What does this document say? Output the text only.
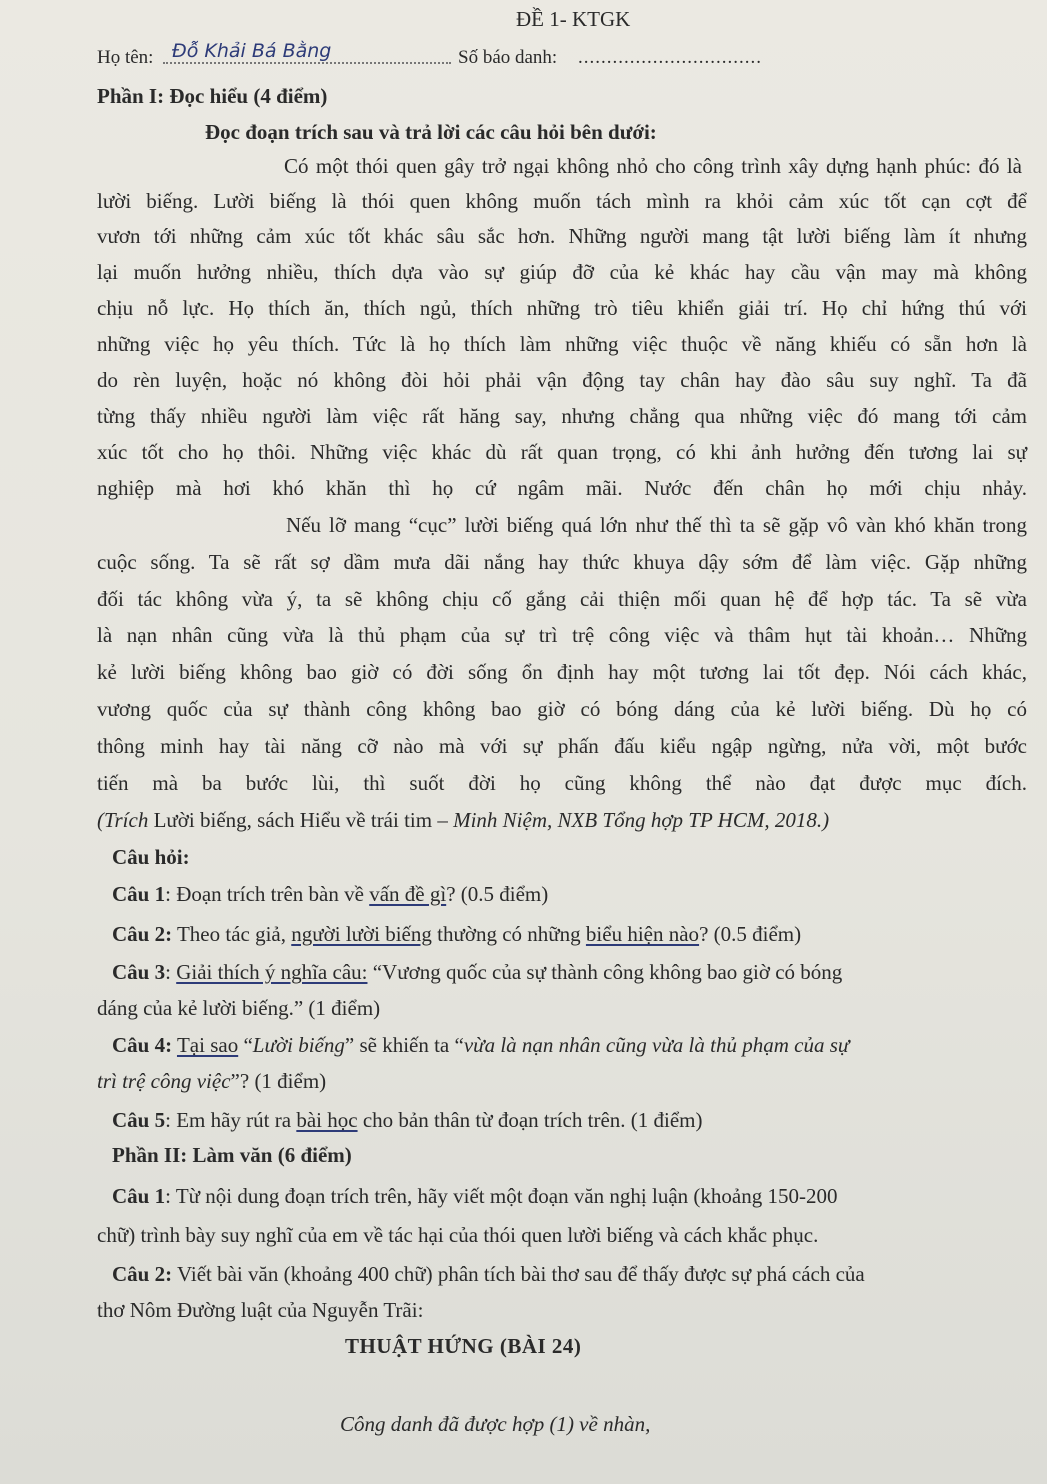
ĐỀ 1- KTGK
Họ tên: Đỗ Khải Bá Bằng	Số báo danh: ................................
Phần I: Đọc hiểu (4 điểm)
Đọc đoạn trích sau và trả lời các câu hỏi bên dưới:
Có một thói quen gây trở ngại không nhỏ cho công trình xây dựng hạnh phúc: đó là
lười biếng. Lười biếng là thói quen không muốn tách mình ra khỏi cảm xúc tốt cạn cợt để
vươn tới những cảm xúc tốt khác sâu sắc hơn. Những người mang tật lười biếng làm ít nhưng
lại muốn hưởng nhiều, thích dựa vào sự giúp đỡ của kẻ khác hay cầu vận may mà không
chịu nỗ lực. Họ thích ăn, thích ngủ, thích những trò tiêu khiển giải trí. Họ chỉ hứng thú với
những việc họ yêu thích. Tức là họ thích làm những việc thuộc về năng khiếu có sẵn hơn là
do rèn luyện, hoặc nó không đòi hỏi phải vận động tay chân hay đào sâu suy nghĩ. Ta đã
từng thấy nhiều người làm việc rất hăng say, nhưng chẳng qua những việc đó mang tới cảm
xúc tốt cho họ thôi. Những việc khác dù rất quan trọng, có khi ảnh hưởng đến tương lai sự
nghiệp mà hơi khó khăn thì họ cứ ngâm mãi. Nước đến chân họ mới chịu nhảy.
Nếu lỡ mang “cục” lười biếng quá lớn như thế thì ta sẽ gặp vô vàn khó khăn trong
cuộc sống. Ta sẽ rất sợ dầm mưa dãi nắng hay thức khuya dậy sớm để làm việc. Gặp những
đối tác không vừa ý, ta sẽ không chịu cố gắng cải thiện mối quan hệ để hợp tác. Ta sẽ vừa
là nạn nhân cũng vừa là thủ phạm của sự trì trệ công việc và thâm hụt tài khoản… Những
kẻ lười biếng không bao giờ có đời sống ổn định hay một tương lai tốt đẹp. Nói cách khác,
vương quốc của sự thành công không bao giờ có bóng dáng của kẻ lười biếng. Dù họ có
thông minh hay tài năng cỡ nào mà với sự phấn đấu kiểu ngập ngừng, nửa vời, một bước
tiến mà ba bước lùi, thì suốt đời họ cũng không thể nào đạt được mục đích.
(Trích Lười biếng, sách Hiểu về trái tim – Minh Niệm, NXB Tổng hợp TP HCM, 2018.)
Câu hỏi:
Câu 1: Đoạn trích trên bàn về vấn đề gì? (0.5 điểm)
Câu 2: Theo tác giả, người lười biếng thường có những biểu hiện nào? (0.5 điểm)
Câu 3: Giải thích ý nghĩa câu: “Vương quốc của sự thành công không bao giờ có bóng
dáng của kẻ lười biếng.” (1 điểm)
Câu 4: Tại sao “Lười biếng” sẽ khiến ta “vừa là nạn nhân cũng vừa là thủ phạm của sự
trì trệ công việc”? (1 điểm)
Câu 5: Em hãy rút ra bài học cho bản thân từ đoạn trích trên. (1 điểm)
Phần II: Làm văn (6 điểm)
Câu 1: Từ nội dung đoạn trích trên, hãy viết một đoạn văn nghị luận (khoảng 150-200
chữ) trình bày suy nghĩ của em về tác hại của thói quen lười biếng và cách khắc phục.
Câu 2: Viết bài văn (khoảng 400 chữ) phân tích bài thơ sau để thấy được sự phá cách của
thơ Nôm Đường luật của Nguyễn Trãi:
THUẬT HỨNG (BÀI 24)
Công danh đã được hợp (1) về nhàn,
